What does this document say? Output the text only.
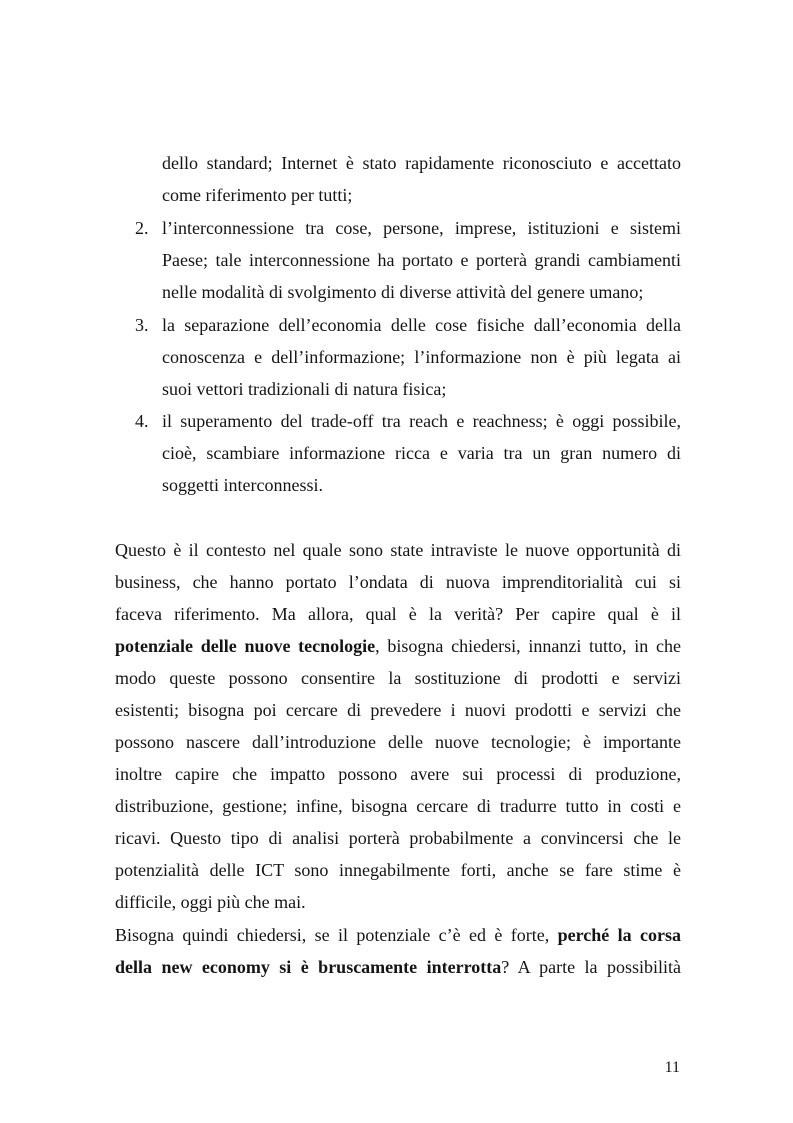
dello standard; Internet è stato rapidamente riconosciuto e accettato
come riferimento per tutti;
2. l’interconnessione tra cose, persone, imprese, istituzioni e sistemi
Paese; tale interconnessione ha portato e porterà grandi cambiamenti
nelle modalità di svolgimento di diverse attività del genere umano;
3. la separazione dell’economia delle cose fisiche dall’economia della
conoscenza e dell’informazione; l’informazione non è più legata ai
suoi vettori tradizionali di natura fisica;
4. il superamento del trade-off tra reach e reachness; è oggi possibile,
cioè, scambiare informazione ricca e varia tra un gran numero di
soggetti interconnessi.
Questo è il contesto nel quale sono state intraviste le nuove opportunità di
business, che hanno portato l’ondata di nuova imprenditorialità cui si
faceva riferimento. Ma allora, qual è la verità? Per capire qual è il
potenziale delle nuove tecnologie, bisogna chiedersi, innanzi tutto, in che
modo queste possono consentire la sostituzione di prodotti e servizi
esistenti; bisogna poi cercare di prevedere i nuovi prodotti e servizi che
possono nascere dall’introduzione delle nuove tecnologie; è importante
inoltre capire che impatto possono avere sui processi di produzione,
distribuzione, gestione; infine, bisogna cercare di tradurre tutto in costi e
ricavi. Questo tipo di analisi porterà probabilmente a convincersi che le
potenzialità delle ICT sono innegabilmente forti, anche se fare stime è
difficile, oggi più che mai.
Bisogna quindi chiedersi, se il potenziale c’è ed è forte, perché la corsa
della new economy si è bruscamente interrotta? A parte la possibilità
11
